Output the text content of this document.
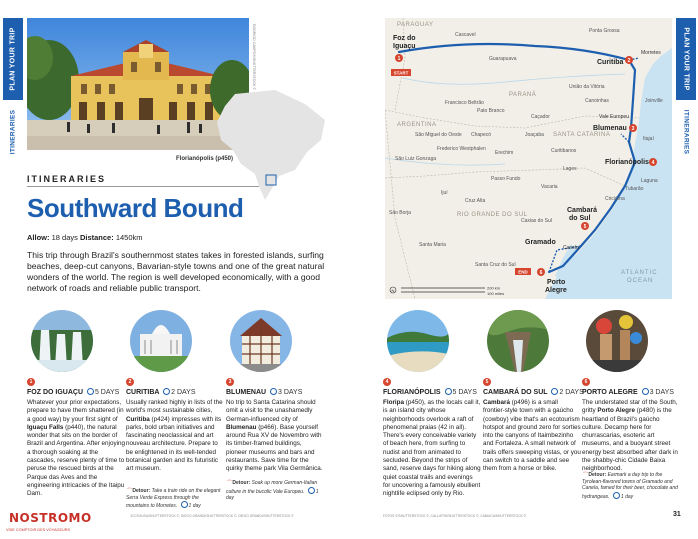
PLAN YOUR TRIP
ITINERARIES
PLAN YOUR TRIP
ITINERARIES
RODRIGO CAMPOS/SHUTTERSTOCK ©
Florianópolis (p450)
ITINERARIES
Southward Bound
Allow: 18 days Distance: 1450km

This trip through Brazil's southernmost states takes in forested islands, surfing beaches, deep-cut canyons, Bavarian-style towns and one of the great natural wonders of the world. The region is well developed economically, with a good network of roads and reliable public transport.

1	2
3
4
5
6
START
END
Foz do
Iguaçu
Curitiba
Blumenau
Florianópolis
Cambará
do Sul
Gramado
Porto
Alegre
Morretes
Vale Europeu
Canela
PARAGUAY
PARANÁ
ARGENTINA
SANTA CATARINA
RIO GRANDE DO SUL
ATLANTIC
OCEAN
Cascavel
Ponta Grossa
Guarapuava
União da Vitória
Chapecó	Joaçaba
Lages
Passo Fundo
Caxias do Sul
Santa Maria
Santa Cruz do Sul
Criciúma
Joinville
Itajaí
Laguna
Tubarão
Frederico Westphalen
São Luiz Gonzaga
Erechim
São Miguel do Oeste
Francisco Beltrão
Pato Branco
Canoinhas
Caçador
Curitibanos
Vacaria
São Borja
Ijuí
Cruz Alta
N	200 km
100 miles
1
FOZ DO IGUAÇU 5 DAYS
Whatever your prior expectations, prepare to have them shattered (in a good way) by your first sight of Iguaçu Falls (p440), the natural wonder that sits on the border of Brazil and Argentina. After enjoying a thorough soaking at the cascades, reserve plenty of time to peruse the rescued birds at the Parque das Aves and the engineering intricacies of the Itaipu Dam.
2
CURITIBA 2 DAYS
Usually ranked highly in lists of the world's most sustainable cities, Curitiba (p424) impresses with its parks, bold urban initiatives and fascinating neoclassical and art nouveau architecture. Prepare to be enlightened in its well-tended botanical garden and its futuristic art museum.
⌒ Detour: Take a train ride on the elegant Serra Verde Express through the mountains to Morretes. 1 day
3
BLUMENAU 3 DAYS
No trip to Santa Catarina should omit a visit to the unashamedly German-influenced city of Blumenau (p466). Base yourself around Rua XV de Novembro with its timber-framed buildings, pioneer museums and bars and restaurants. Save time for the quirky theme park Vila Germânica.
⌒ Detour: Soak up more German-Italian culture in the bucolic Vale Europeu. 1 day
4
FLORIANÓPOLIS 5 DAYS
Floripa (p450), as the locals call it, is an island city whose neighborhoods overlook a raft of phenomenal praias (42 in all). There's every conceivable variety of beach here, from surfing to nudist and from animated to secluded. Beyond the strips of sand, reserve days for hiking along quiet coastal trails and evenings for uncovering a famously ebullient nightlife eclipsed only by Rio.
5
CAMBARÁ DO SUL 2 DAYS
Cambará (p496) is a small frontier-style town with a gaúcho (cowboy) vibe that's an ecotourism hotspot and ground zero for sorties into the canyons of Itaimbezinho and Fortaleza. A small network of trails offers sweeping vistas, or you can switch to a saddle and see them from a horse or bike.
6
PORTO ALEGRE 3 DAYS
The understated star of the South, gritty Porto Alegre (p480) is the heartland of Brazil's gaúcho culture. Decamp here for churrascarias, esoteric art museums, and a buoyant street energy best absorbed after dark in the shabby-chic Cidade Baixa neighborhood.
⌒ Detour: Earmark a day trip to the Tyrolean-flavored towns of Gramado and Canela, famed for their beer, chocolate and hydrangeas. 1 day
JCCSOUSA/SHUTTERSTOCK ©, DIEGO GRANDI/SHUTTERSTOCK ©, DIEGO GRANDI/SHUTTERSTOCK ©	FOTOS ©/SHUTTERSTOCK ©, CALLISTHI/SHUTTERSTOCK ©, CABUICA/SHUTTERSTOCK ©	31
NOSTROMO
VIDE COMPTOIR DES VOYAGEURS
